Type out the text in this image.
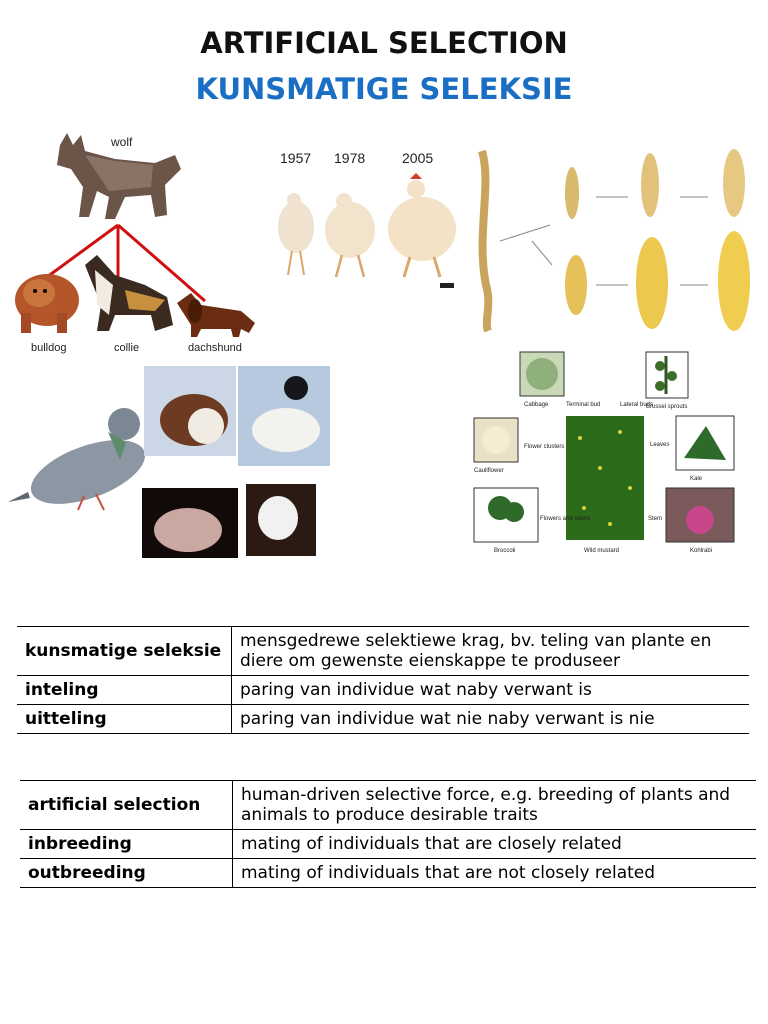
ARTIFICIAL SELECTION
KUNSMATIGE SELEKSIE
wolf
bulldog	collie	dachshund
1957 1978	2005
Cabbage	Terminal bud	Lateral buds
Brussel sprouts
Cauliflower
Flower clusters	Leaves
Kale
Broccoli
Flowers and stems
Wild mustard
Stem
Kohlrabi
kunsmatige seleksie	mensgedrewe selektiewe krag, bv. teling van plante en diere om gewenste eienskappe te produseer
inteling	paring van individue wat naby verwant is
uitteling	paring van individue wat nie naby verwant is nie
artificial selection	human-driven selective force, e.g. breeding of plants and animals to produce desirable traits
inbreeding	mating of individuals that are closely related
outbreeding	mating of individuals that are not closely related
